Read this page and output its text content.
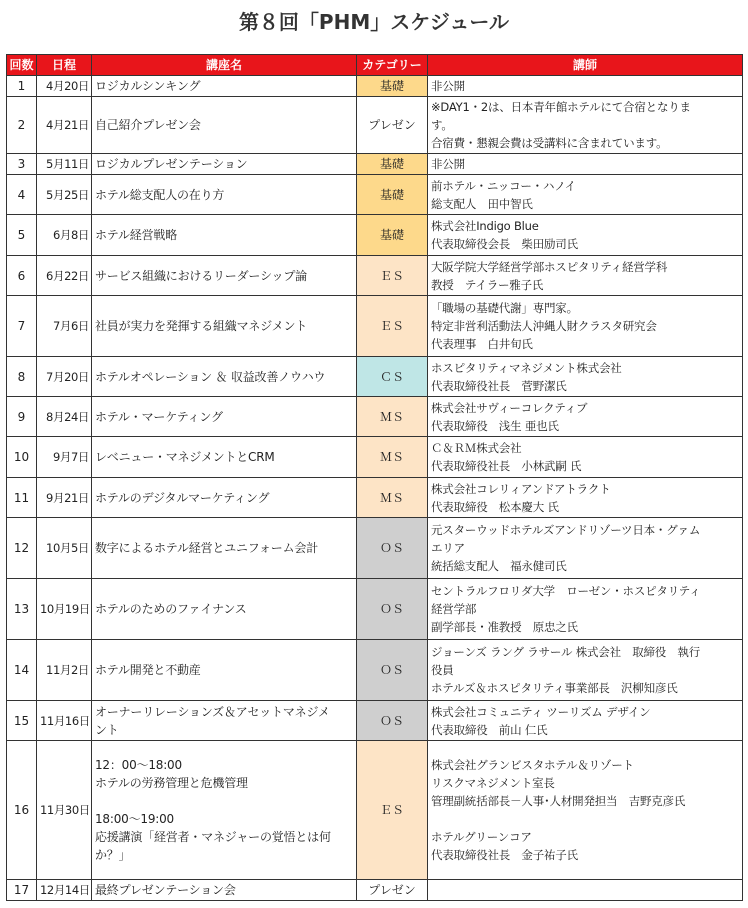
第８回「PHM」スケジュール
回数	日程	講座名	カテゴリー	講師
1	4月20日	ロジカルシンキング	基礎	非公開

2	4月21日	自己紹介プレゼン会	プレゼン	※DAY1・2は、日本青年館ホテルにて合宿となりま
す。
合宿費・懇親会費は受講料に含まれています。

3	5月11日	ロジカルプレゼンテーション	基礎	非公開

4	5月25日	ホテル総支配人の在り方	基礎	前ホテル・ニッコー・ハノイ
総支配人　田中智氏

5	6月8日	ホテル経営戦略	基礎	株式会社Indigo Blue
代表取締役会長　柴田励司氏

6	6月22日	サービス組織におけるリーダーシップ論	ＥＳ	大阪学院大学経営学部ホスピタリティ経営学科
教授　テイラー雅子氏

7	7月6日	社員が実力を発揮する組織マネジメント	ＥＳ	「職場の基礎代謝」専門家。
特定非営利活動法人沖縄人財クラスタ研究会
代表理事　白井旬氏

8	7月20日	ホテルオペレーション ＆ 収益改善ノウハウ	ＣＳ	ホスピタリティマネジメント株式会社
代表取締役社長　菅野潔氏

9	8月24日	ホテル・マーケティング	ＭＳ	株式会社サヴィーコレクティブ
代表取締役　浅生 亜也氏

10	9月7日	レベニュー・マネジメントとCRM	ＭＳ	Ｃ＆ＲＭ株式会社
代表取締役社長　小林武嗣 氏

11	9月21日	ホテルのデジタルマーケティング	ＭＳ	株式会社コレリィアンドアトラクト
代表取締役　松本慶大 氏

12	10月5日	数字によるホテル経営とユニフォーム会計	ＯＳ	元スターウッドホテルズアンドリゾーツ日本・グァム
エリア
統括総支配人　福永健司氏

13	10月19日	ホテルのためのファイナンス	ＯＳ	セントラルフロリダ大学　ローゼン・ホスピタリティ
経営学部
副学部長・准教授　原忠之氏

14	11月2日	ホテル開発と不動産	ＯＳ	ジョーンズ ラング ラサール 株式会社　取締役　執行
役員
ホテルズ＆ホスピタリティ事業部長　沢柳知彦氏

15	11月16日	オーナーリレーションズ＆アセットマネジメ
ント	ＯＳ	株式会社コミュニティ ツーリズム デザイン
代表取締役　前山 仁氏

16	11月30日	12：00～18:00
ホテルの労務管理と危機管理
18:00～19:00
応援講演「経営者・マネジャーの覚悟とは何
か？」	ＥＳ	株式会社グランビスタホテル＆リゾート
リスクマネジメント室長
管理副統括部長－人事･人材開発担当　吉野克彦氏
ホテルグリーンコア
代表取締役社長　金子祐子氏

17	12月14日	最終プレゼンテーション会	プレゼン	
